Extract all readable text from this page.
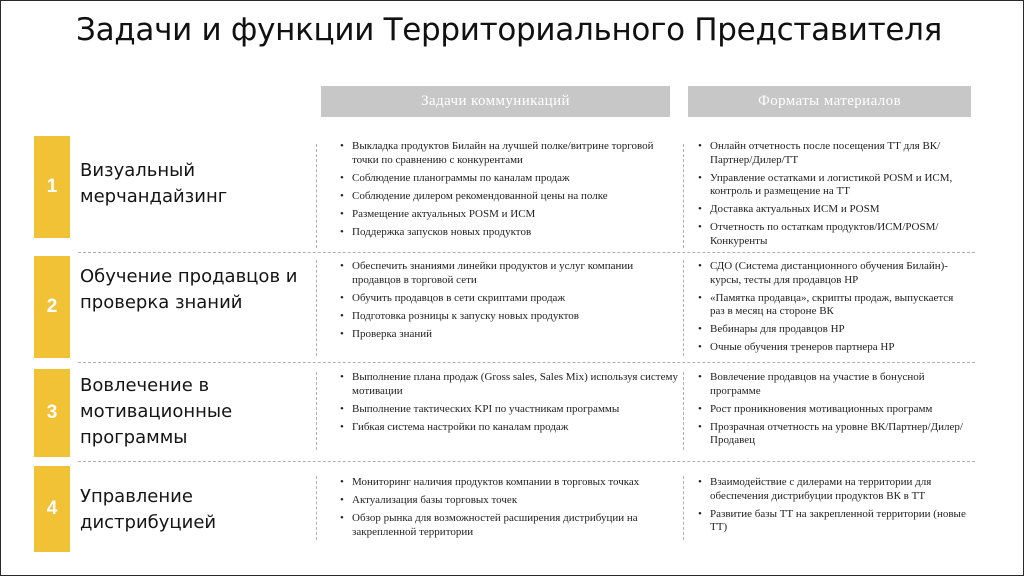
Задачи и функции Территориального Представителя
Задачи коммуникаций	Форматы материалов
1
Визуальный
мерчандайзинг
• Выкладка продуктов Билайн на лучшей полке/витрине торговой точки по сравнению с конкурентами
• Соблюдение планограммы по каналам продаж
• Соблюдение дилером рекомендованной цены на полке
• Размещение актуальных POSM и ИСМ
• Поддержка запусков новых продуктов
• Онлайн отчетность после посещения ТТ для ВК/Партнер/Дилер/ТТ
• Управление остатками и логистикой POSM и ИСМ, контроль и размещение на ТТ
• Доставка актуальных ИСМ и POSM
• Отчетность по остаткам продуктов/ИСМ/POSM/Конкуренты
2
Обучение продавцов и
проверка знаний
• Обеспечить знаниями линейки продуктов и услуг компании продавцов в торговой сети
• Обучить продавцов в сети скриптами продаж
• Подготовка розницы к запуску новых продуктов
• Проверка знаний
• СДО (Система дистанционного обучения Билайн)- курсы, тесты для продавцов НР
• «Памятка продавца», скрипты продаж, выпускается раз в месяц на стороне ВК
• Вебинары для продавцов НР
• Очные обучения тренеров партнера НР
3
Вовлечение в
мотивационные
программы
• Выполнение плана продаж (Gross sales, Sales Mix) используя систему мотивации
• Выполнение тактических KPI по участникам программы
• Гибкая система настройки по каналам продаж
• Вовлечение продавцов на участие в бонусной программе
• Рост проникновения мотивационных программ
• Прозрачная отчетность на уровне ВК/Партнер/Дилер/Продавец
4
Управление
дистрибуцией
• Мониторинг наличия продуктов компании в торговых точках
• Актуализация базы торговых точек
• Обзор рынка для возможностей расширения дистрибуции на закрепленной территории
• Взаимодействие с дилерами на территории для обеспечения дистрибуции продуктов ВК в ТТ
• Развитие базы ТТ на закрепленной территории (новые ТТ)
